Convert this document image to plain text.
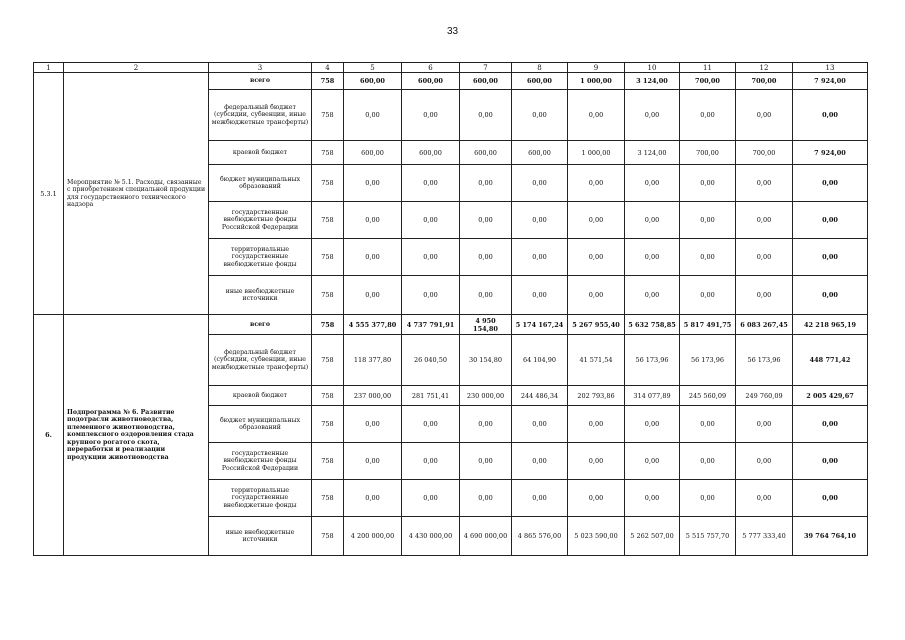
33
1	2	3	4	5	6	7	8	9	10	11	12	13
5.3.1	Мероприятие № 5.1. Расходы, связанные с приобретением специальной продукции для государственного технического надзора	всего	758	600,00	600,00	600,00	600,00	1 000,00	3 124,00	700,00	700,00	7 924,00
		федеральный бюджет (субсидии, субвенции, иные межбюджетные трансферты)	758	0,00	0,00	0,00	0,00	0,00	0,00	0,00	0,00	0,00
		краевой бюджет	758	600,00	600,00	600,00	600,00	1 000,00	3 124,00	700,00	700,00	7 924,00
		бюджет муниципальных образований	758	0,00	0,00	0,00	0,00	0,00	0,00	0,00	0,00	0,00
		государственные внебюджетные фонды Российской Федерации	758	0,00	0,00	0,00	0,00	0,00	0,00	0,00	0,00	0,00
		территориальные государственные внебюджетные фонды	758	0,00	0,00	0,00	0,00	0,00	0,00	0,00	0,00	0,00
		иные внебюджетные источники	758	0,00	0,00	0,00	0,00	0,00	0,00	0,00	0,00	0,00
6.	Подпрограмма № 6. Развитие подотрасли животноводства, племенного животноводства, комплексного оздоровления стада крупного рогатого скота, переработки и реализации продукции животноводства	всего	758	4 555 377,80	4 737 791,91	4 950 154,80	5 174 167,24	5 267 955,40	5 632 758,85	5 817 491,75	6 083 267,45	42 218 965,19
		федеральный бюджет (субсидии, субвенции, иные межбюджетные трансферты)	758	118 377,80	26 040,50	30 154,80	64 104,90	41 571,54	56 173,96	56 173,96	56 173,96	448 771,42
		краевой бюджет	758	237 000,00	281 751,41	230 000,00	244 486,34	202 793,86	314 077,89	245 560,09	249 760,09	2 005 429,67
		бюджет муниципальных образований	758	0,00	0,00	0,00	0,00	0,00	0,00	0,00	0,00	0,00
		государственные внебюджетные фонды Российской Федерации	758	0,00	0,00	0,00	0,00	0,00	0,00	0,00	0,00	0,00
		территориальные государственные внебюджетные фонды	758	0,00	0,00	0,00	0,00	0,00	0,00	0,00	0,00	0,00
		иные внебюджетные источники	758	4 200 000,00	4 430 000,00	4 690 000,00	4 865 576,00	5 023 590,00	5 262 507,00	5 515 757,70	5 777 333,40	39 764 764,10
